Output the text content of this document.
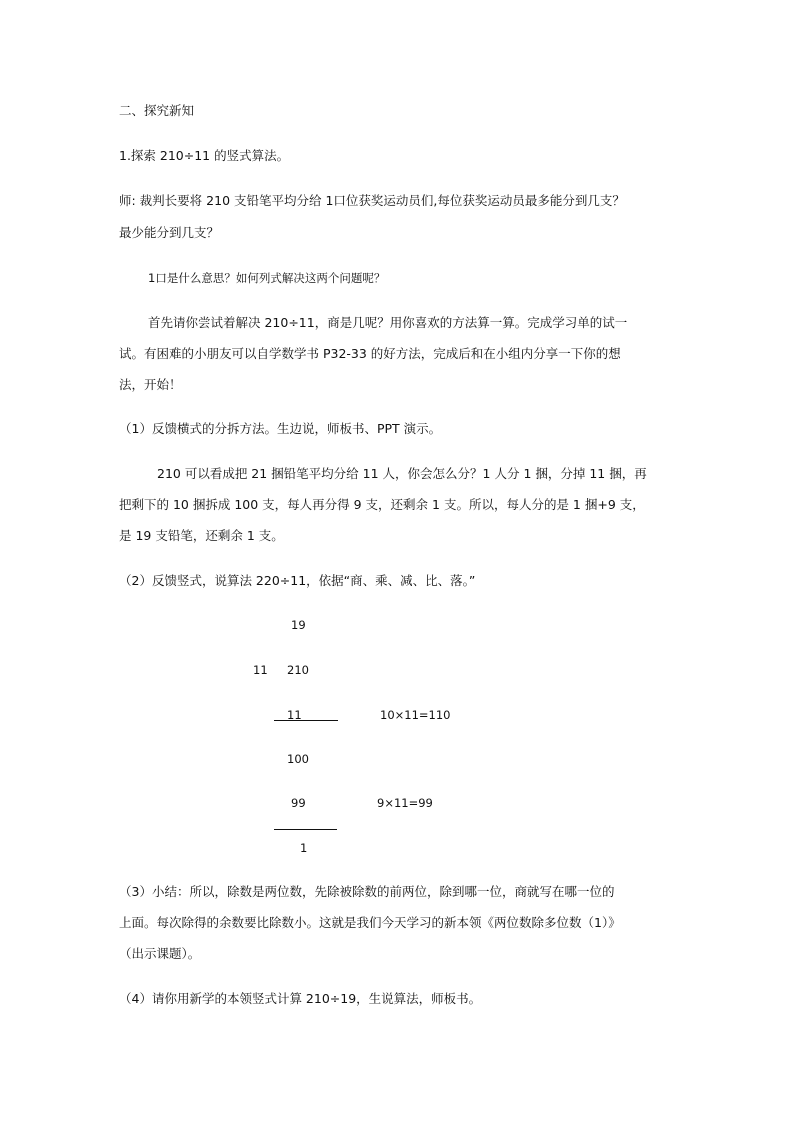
二、探究新知
1.探索 210÷11 的竖式算法。
师: 裁判长要将 210 支铅笔平均分给 1口位获奖运动员们,每位获奖运动员最多能分到几支？
最少能分到几支？
1口是什么意思？如何列式解决这两个问题呢？
首先请你尝试着解决 210÷11，商是几呢？用你喜欢的方法算一算。完成学习单的试一
试。有困难的小朋友可以自学数学书 P32-33 的好方法，完成后和在小组内分享一下你的想
法，开始！
（1）反馈横式的分拆方法。生边说，师板书、PPT 演示。
210 可以看成把 21 捆铅笔平均分给 11 人，你会怎么分？1 人分 1 捆，分掉 11 捆，再
把剩下的 10 捆拆成 100 支，每人再分得 9 支，还剩余 1 支。所以，每人分的是 1 捆+9 支，
是 19 支铅笔，还剩余 1 支。
（2）反馈竖式，说算法 220÷11，依据“商、乘、减、比、落。”
19
11 210
11	10×11=110
100
99	9×11=99
1
（3）小结：所以，除数是两位数，先除被除数的前两位，除到哪一位，商就写在哪一位的
上面。每次除得的余数要比除数小。这就是我们今天学习的新本领《两位数除多位数（1）》
（出示课题）。
（4）请你用新学的本领竖式计算 210÷19，生说算法，师板书。
